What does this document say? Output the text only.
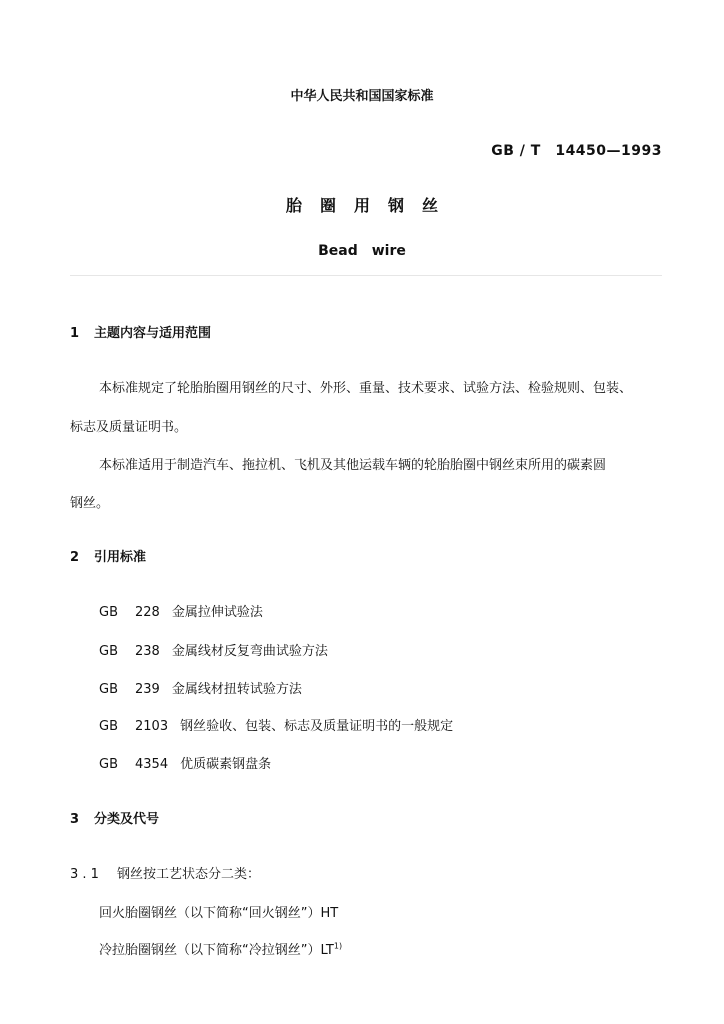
中华人民共和国国家标准
GB / T　14450—1993
胎圈用钢丝
Bead　wire
1 主题内容与适用范围
本标准规定了轮胎胎圈用钢丝的尺寸、外形、重量、技术要求、试验方法、检验规则、包装、
标志及质量证明书。
本标准适用于制造汽车、拖拉机、飞机及其他运载车辆的轮胎胎圈中钢丝束所用的碳素圆
钢丝。
2 引用标准
GB 228 金属拉伸试验法
GB 238 金属线材反复弯曲试验方法
GB 239 金属线材扭转试验方法
GB 2103 钢丝验收、包装、标志及质量证明书的一般规定
GB 4354 优质碳素钢盘条
3 分类及代号
3 . 1 钢丝按工艺状态分二类：
回火胎圈钢丝（以下简称“回火钢丝”）HT
冷拉胎圈钢丝（以下简称“冷拉钢丝”）LT$^{1)}$
